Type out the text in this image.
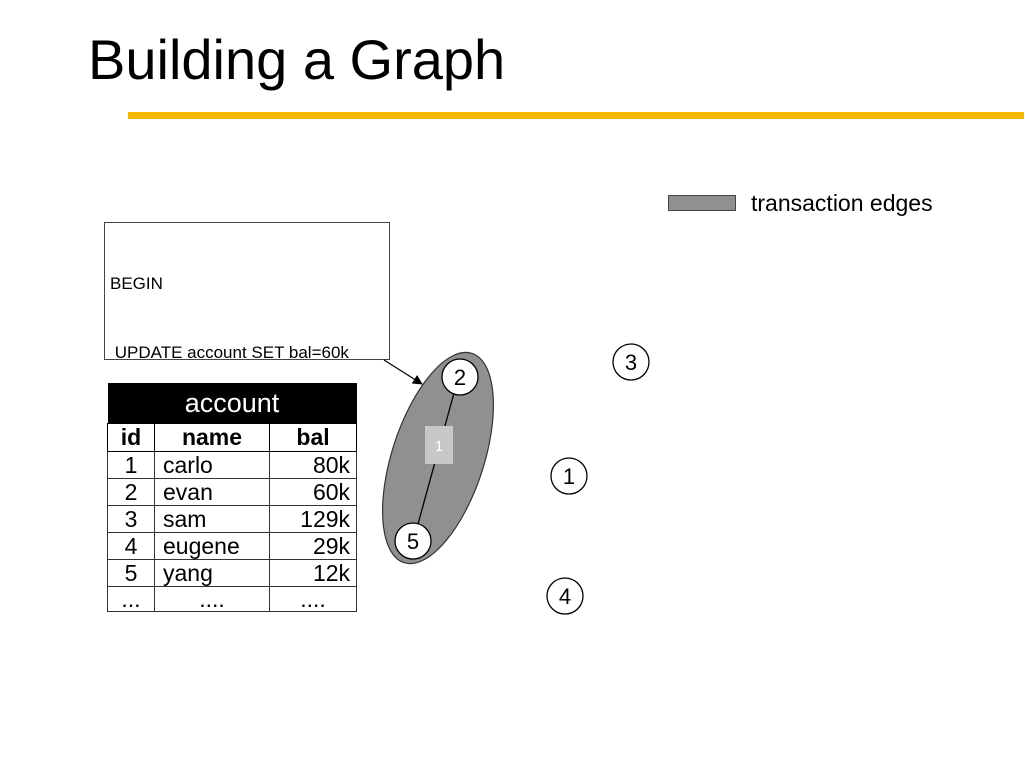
Building a Graph
transaction edges

BEGIN

UPDATE account SET bal=60k

account		
id	name	bal
1	carlo	80k
2	evan	60k
3	sam	129k
4	eugene	29k
5	yang	12k
...	....	....
1
2
5
3
1
4
